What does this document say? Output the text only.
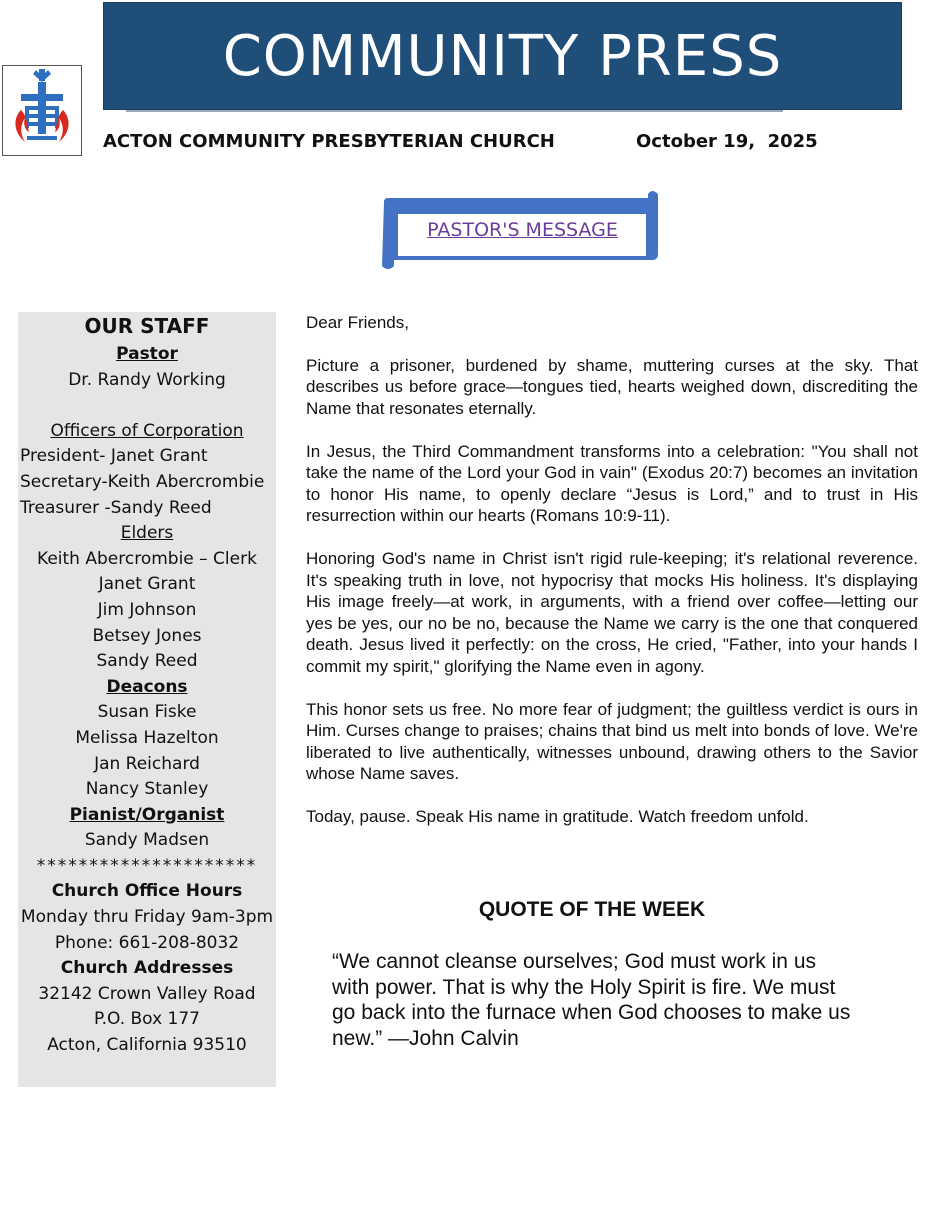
COMMUNITY PRESS
ACTON COMMUNITY PRESBYTERIAN CHURCH	October 19,  2025
PASTOR'S MESSAGE
OUR STAFF
Pastor
Dr. Randy Working
Officers of Corporation
President- Janet Grant
Secretary-Keith Abercrombie
Treasurer -Sandy Reed
Elders
Keith Abercrombie – Clerk
Janet Grant
Jim Johnson
Betsey Jones
Sandy Reed
Deacons
Susan Fiske
Melissa Hazelton
Jan Reichard
Nancy Stanley
Pianist/Organist
Sandy Madsen
*********************
Church Office Hours
Monday thru Friday 9am-3pm
Phone: 661-208-8032
Church Addresses
32142 Crown Valley Road
P.O. Box 177
Acton, California 93510

Dear Friends,

Picture a prisoner, burdened by shame, muttering curses at the sky. That describes us before grace—tongues tied, hearts weighed down, discrediting the Name that resonates eternally.

In Jesus, the Third Commandment transforms into a celebration: "You shall not take the name of the Lord your God in vain" (Exodus 20:7) becomes an invitation to honor His name, to openly declare “Jesus is Lord,” and to trust in His resurrection within our hearts (Romans 10:9-11).

Honoring God's name in Christ isn't rigid rule-keeping; it's relational reverence. It's speaking truth in love, not hypocrisy that mocks His holiness. It's displaying His image freely—at work, in arguments, with a friend over coffee—letting our yes be yes, our no be no, because the Name we carry is the one that conquered death. Jesus lived it perfectly: on the cross, He cried, "Father, into your hands I commit my spirit," glorifying the Name even in agony.

This honor sets us free. No more fear of judgment; the guiltless verdict is ours in Him. Curses change to praises; chains that bind us melt into bonds of love. We're liberated to live authentically, witnesses unbound, drawing others to the Savior whose Name saves.

Today, pause. Speak His name in gratitude. Watch freedom unfold.

QUOTE OF THE WEEK
“We cannot cleanse ourselves; God must work in us with power. That is why the Holy Spirit is fire. We must go back into the furnace when God chooses to make us new.” —John Calvin
